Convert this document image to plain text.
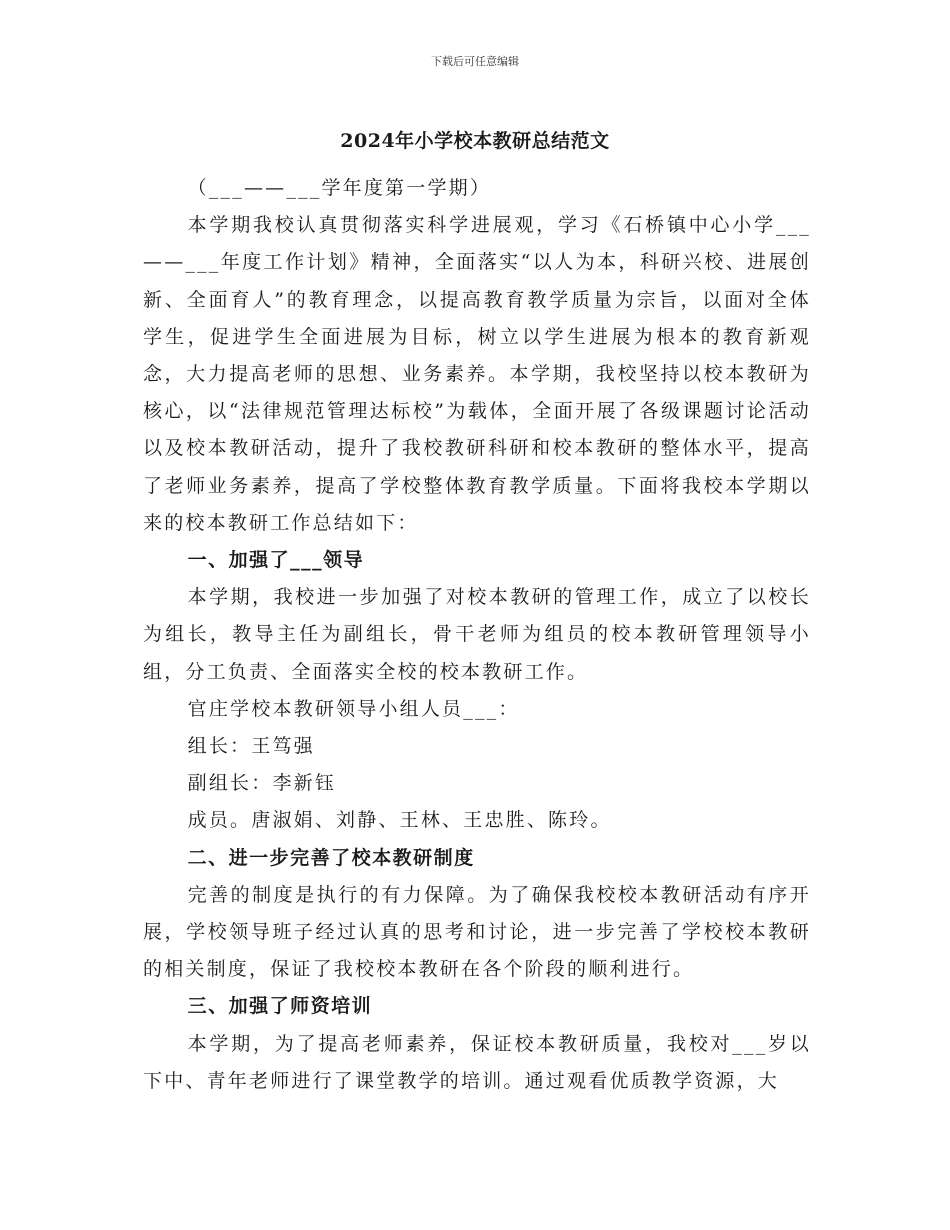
下载后可任意编辑
2024年小学校本教研总结范文

（___——___学年度第一学期）

本学期我校认真贯彻落实科学进展观，学习《石桥镇中心小学___——___年度工作计划》精神，全面落实“以人为本，科研兴校、进展创新、全面育人”的教育理念，以提高教育教学质量为宗旨，以面对全体学生，促进学生全面进展为目标，树立以学生进展为根本的教育新观念，大力提高老师的思想、业务素养。本学期，我校坚持以校本教研为核心，以“法律规范管理达标校”为载体，全面开展了各级课题讨论活动以及校本教研活动，提升了我校教研科研和校本教研的整体水平，提高了老师业务素养，提高了学校整体教育教学质量。下面将我校本学期以来的校本教研工作总结如下：

一、加强了___领导

本学期，我校进一步加强了对校本教研的管理工作，成立了以校长为组长，教导主任为副组长，骨干老师为组员的校本教研管理领导小组，分工负责、全面落实全校的校本教研工作。

官庄学校本教研领导小组人员___：

组长：王笃强

副组长：李新钰

成员。唐淑娟、刘静、王林、王忠胜、陈玲。

二、进一步完善了校本教研制度

完善的制度是执行的有力保障。为了确保我校校本教研活动有序开展，学校领导班子经过认真的思考和讨论，进一步完善了学校校本教研的相关制度，保证了我校校本教研在各个阶段的顺利进行。

三、加强了师资培训

本学期，为了提高老师素养，保证校本教研质量，我校对___岁以下中、青年老师进行了课堂教学的培训。通过观看优质教学资源，大
